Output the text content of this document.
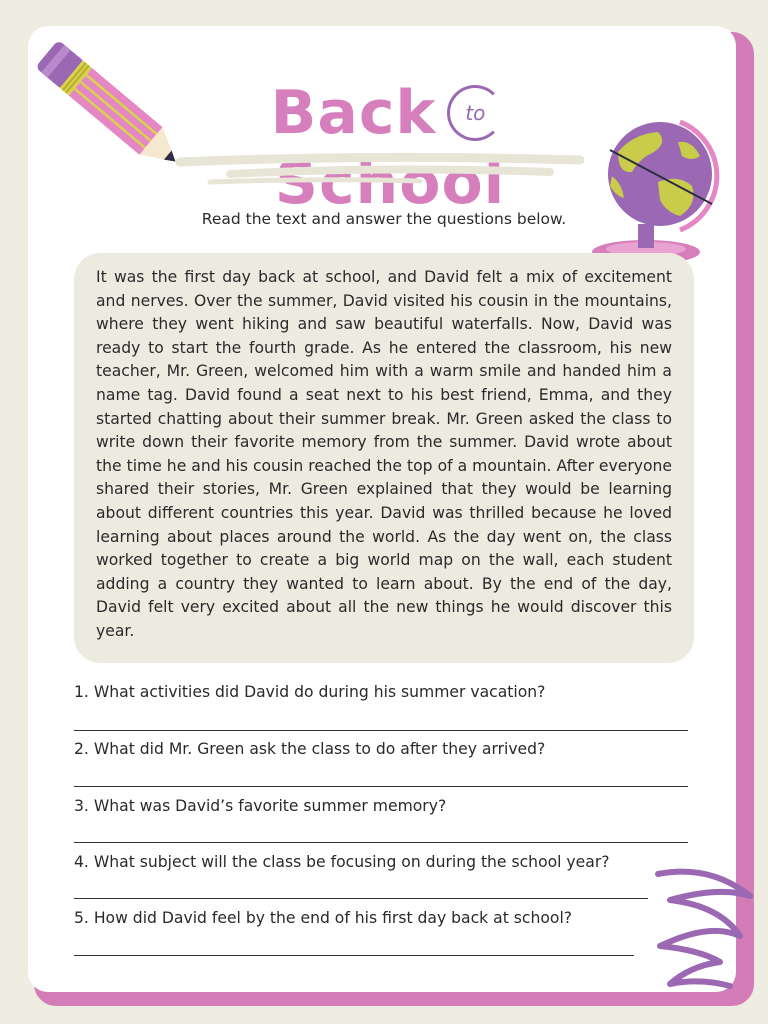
Back to School
Read the text and answer the questions below.

It was the first day back at school, and David felt a mix of excitement and nerves. Over the summer, David visited his cousin in the mountains, where they went hiking and saw beautiful waterfalls. Now, David was ready to start the fourth grade. As he entered the classroom, his new teacher, Mr. Green, welcomed him with a warm smile and handed him a name tag. David found a seat next to his best friend, Emma, and they started chatting about their summer break. Mr. Green asked the class to write down their favorite memory from the summer. David wrote about the time he and his cousin reached the top of a mountain. After everyone shared their stories, Mr. Green explained that they would be learning about different countries this year. David was thrilled because he loved learning about places around the world. As the day went on, the class worked together to create a big world map on the wall, each student adding a country they wanted to learn about. By the end of the day, David felt very excited about all the new things he would discover this year.

1. What activities did David do during his summer vacation?
2. What did Mr. Green ask the class to do after they arrived?
3. What was David’s favorite summer memory?
4. What subject will the class be focusing on during the school year?
5. How did David feel by the end of his first day back at school?
